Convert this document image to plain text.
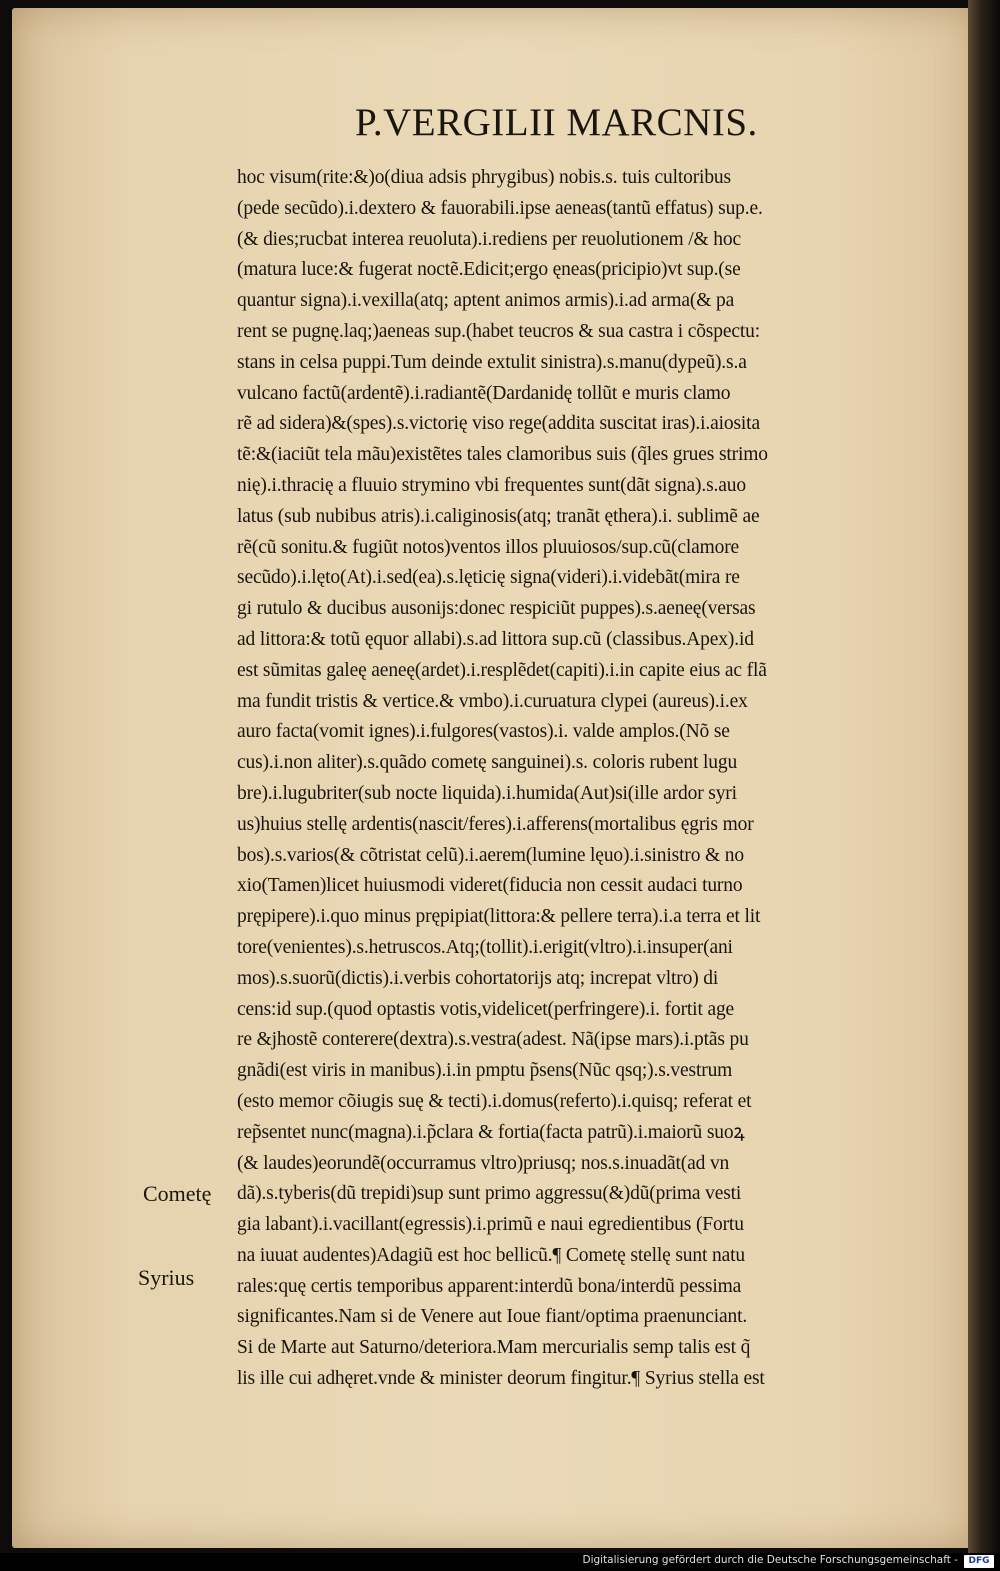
P.VERGILII MARCNIS.
hoc visum(rite:&)o(diua adsis phrygibus) nobis.s. tuis cultoribus
(pede secũdo).i.dextero & fauorabili.ipse aeneas(tantũ effatus) sup.e.
(& dies;rucbat interea reuoluta).i.rediens per reuolutionem /& hoc
(matura luce:& fugerat noctẽ.Edicit;ergo ęneas(pricipio)vt sup.(se
quantur signa).i.vexilla(atq; aptent animos armis).i.ad arma(& pa
rent se pugnę.laq;)aeneas sup.(habet teucros & sua castra i cõspectu:
stans in celsa puppi.Tum deinde extulit sinistra).s.manu(dypeũ).s.a
vulcano factũ(ardentẽ).i.radiantẽ(Dardanidę tollũt e muris clamo
rẽ ad sidera)&(spes).s.victorię viso rege(addita suscitat iras).i.aiosita
tẽ:&(iaciũt tela mãu)existẽtes tales clamoribus suis (q̃les grues strimo
nię).i.thracię a fluuio strymino vbi frequentes sunt(dãt signa).s.auo
latus (sub nubibus atris).i.caliginosis(atq; tranãt ęthera).i. sublimẽ ae
rẽ(cũ sonitu.& fugiũt notos)ventos illos pluuiosos/sup.cũ(clamore
secũdo).i.lęto(At).i.sed(ea).s.lęticię signa(videri).i.videbãt(mira re
gi rutulo & ducibus ausonijs:donec respiciũt puppes).s.aeneę(versas
ad littora:& totũ ęquor allabi).s.ad littora sup.cũ (classibus.Apex).id
est sũmitas galeę aeneę(ardet).i.resplẽdet(capiti).i.in capite eius ac flã
ma fundit tristis & vertice.& vmbo).i.curuatura clypei (aureus).i.ex
auro facta(vomit ignes).i.fulgores(vastos).i. valde amplos.(Nõ se
cus).i.non aliter).s.quãdo cometę sanguinei).s. coloris rubent lugu
bre).i.lugubriter(sub nocte liquida).i.humida(Aut)si(ille ardor syri
us)huius stellę ardentis(nascit/feres).i.afferens(mortalibus ęgris mor
bos).s.varios(& cõtristat celũ).i.aerem(lumine lęuo).i.sinistro & no
xio(Tamen)licet huiusmodi videret(fiducia non cessit audaci turno
prępipere).i.quo minus prępipiat(littora:& pellere terra).i.a terra et lit
tore(venientes).s.hetruscos.Atq;(tollit).i.erigit(vltro).i.insuper(ani
mos).s.suorũ(dictis).i.verbis cohortatorijs atq; increpat vltro) di
cens:id sup.(quod optastis votis,videlicet(perfringere).i. fortit age
re &jhostẽ conterere(dextra).s.vestra(adest. Nã(ipse mars).i.ptãs pu
gnãdi(est viris in manibus).i.in pmptu p̃sens(Nũc qsq;).s.vestrum
(esto memor cõiugis suę & tecti).i.domus(referto).i.quisq; referat et
rep̃sentet nunc(magna).i.p̃clara & fortia(facta patrũ).i.maiorũ suoꝝ
(& laudes)eorundẽ(occurramus vltro)priusq; nos.s.inuadãt(ad vn
dã).s.tyberis(dũ trepidi)sup sunt primo aggressu(&)dũ(prima vesti
gia labant).i.vacillant(egressis).i.primũ e naui egredientibus (Fortu
na iuuat audentes)Adagiũ est hoc bellicũ.¶ Cometę stellę sunt natu
rales:quę certis temporibus apparent:interdũ bona/interdũ pessima
significantes.Nam si de Venere aut Ioue fiant/optima praenunciant.
Si de Marte aut Saturno/deteriora.Mam mercurialis semp talis est q̃
lis ille cui adhęret.vnde & minister deorum fingitur.¶ Syrius stella est
Cometę
Syrius
Digitalisierung gefördert durch die Deutsche Forschungsgemeinschaft -	DFG
